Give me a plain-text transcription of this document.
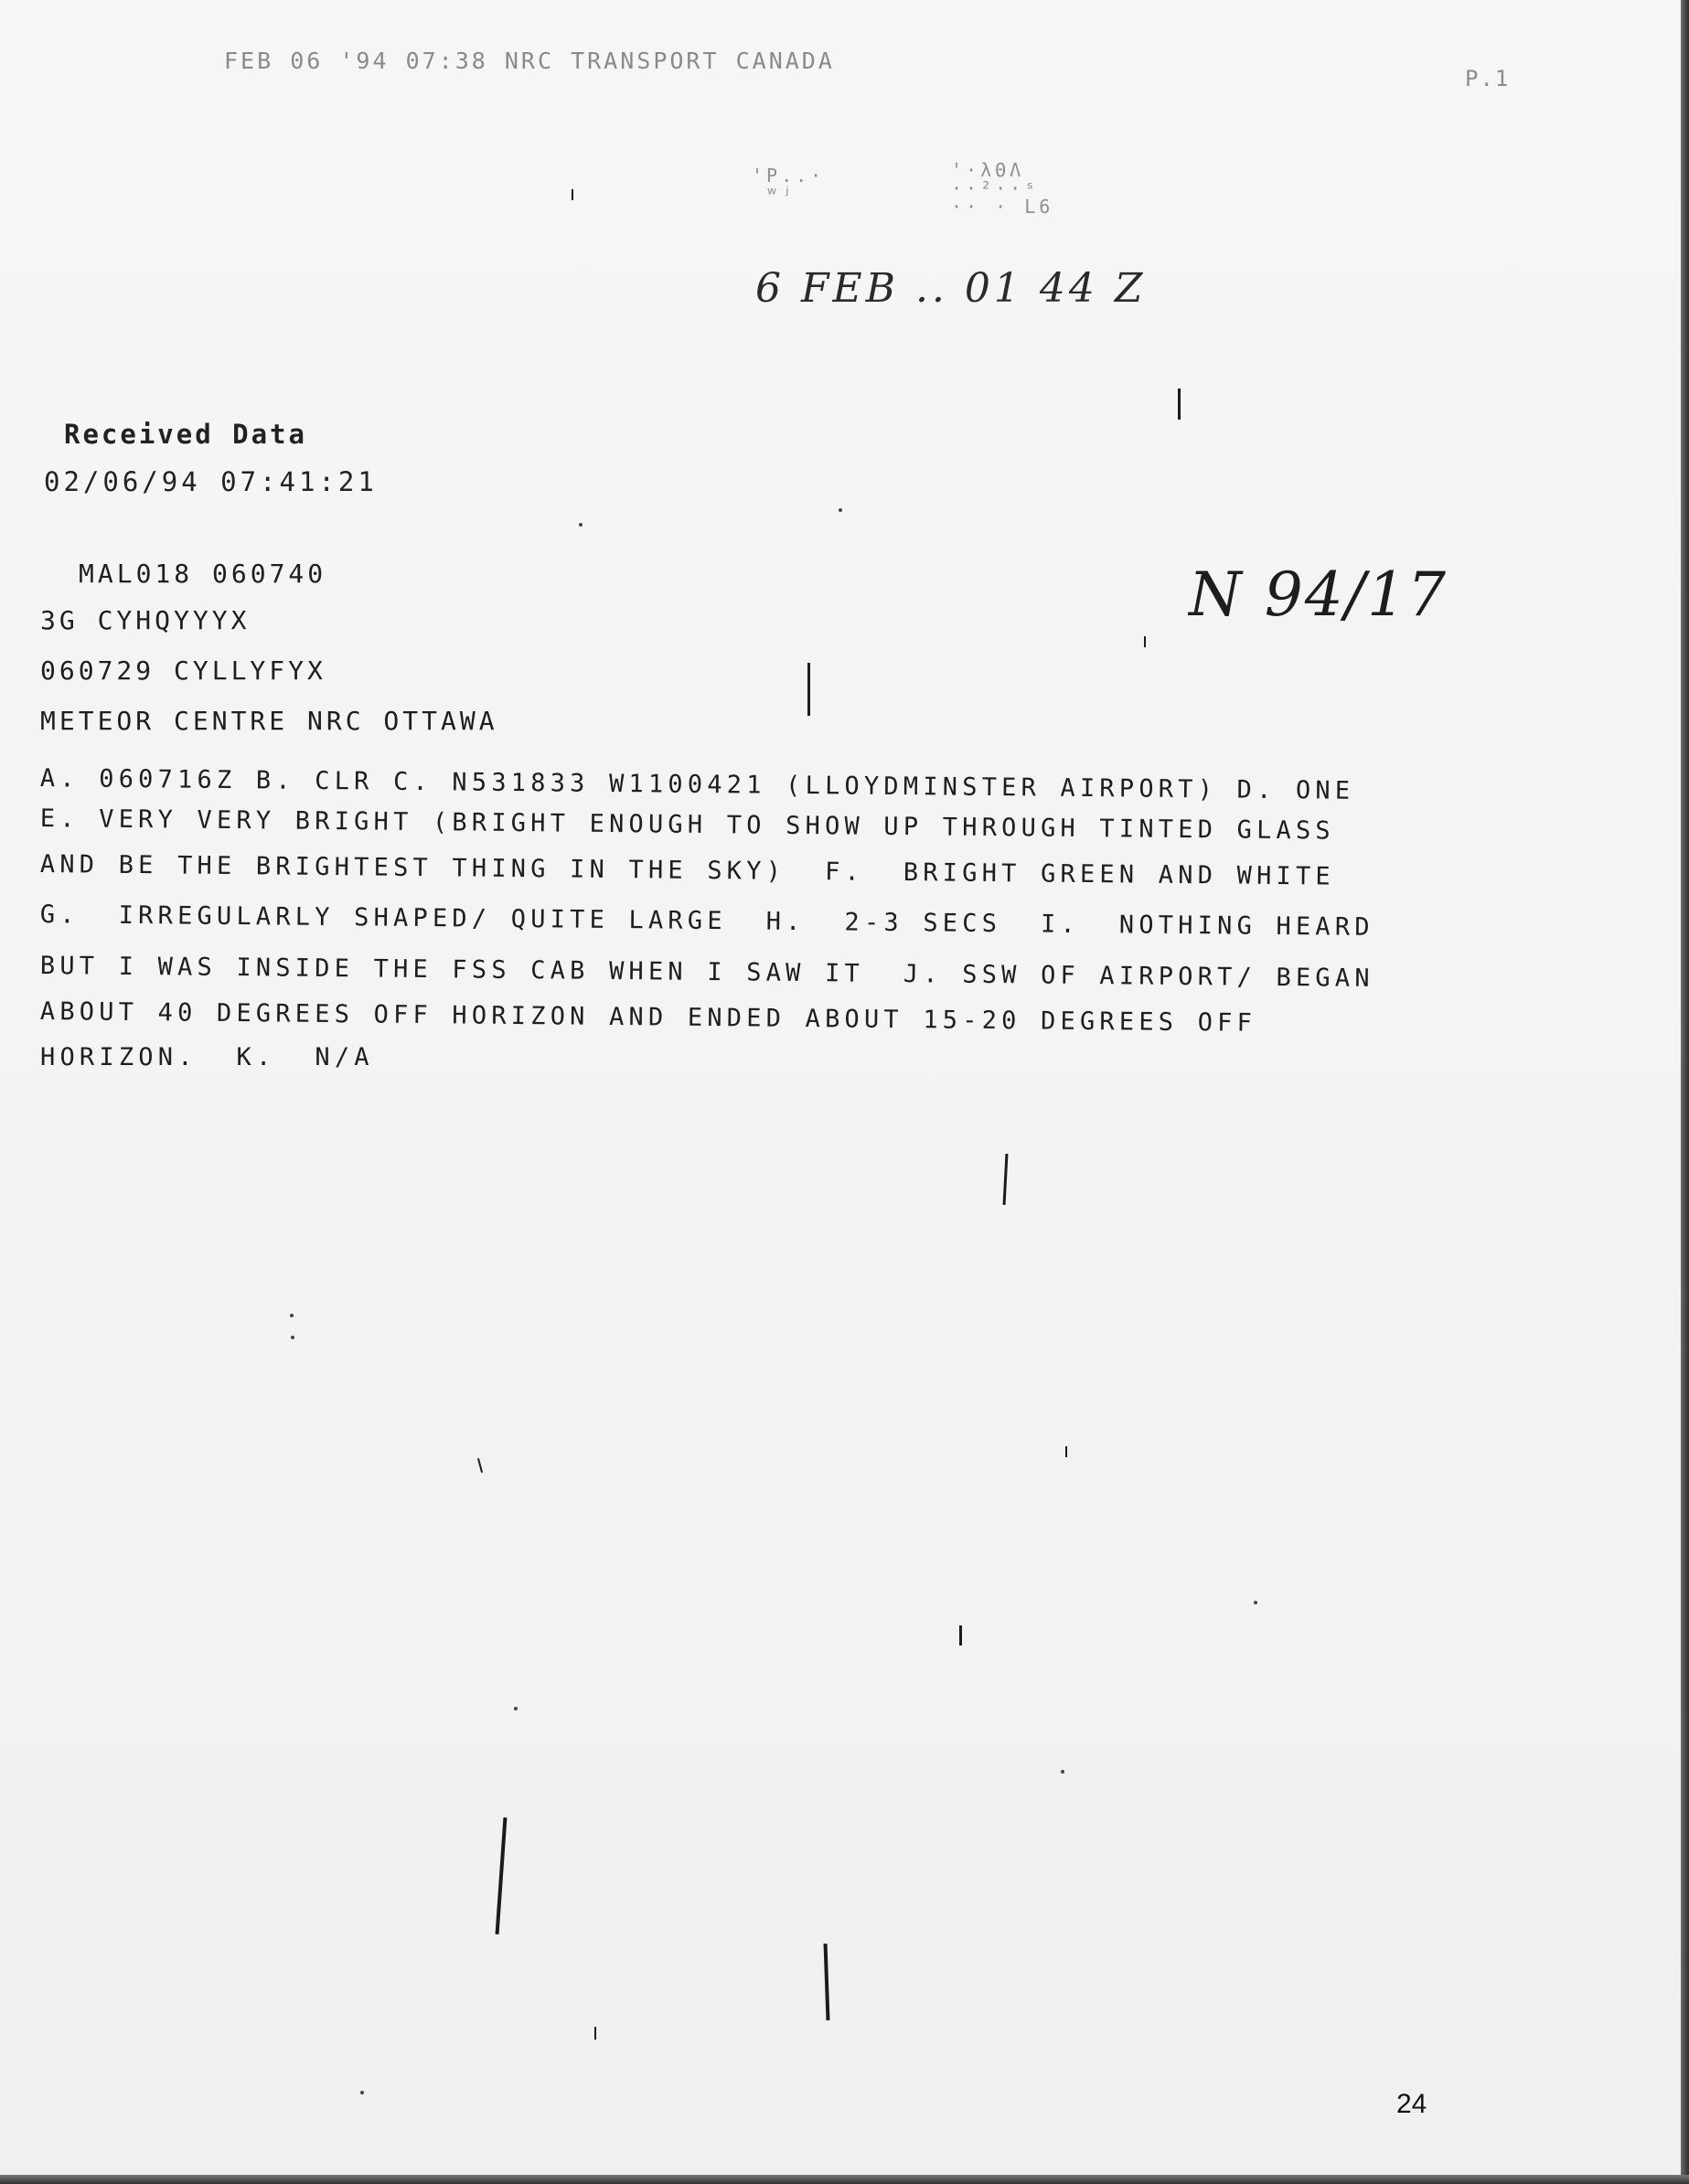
FEB 06 '94 07:38 NRC TRANSPORT CANADA
P.1
'P..·
ʷʲ
'·λΘΛ
··²··ˢ
·· · L6
6 FEB .. 01 44 Z
Received Data
02/06/94 07:41:21
N 94/17
MAL018 060740
3G CYHQYYYX
060729 CYLLYFYX
METEOR CENTRE NRC OTTAWA
A. 060716Z B. CLR C. N531833 W1100421 (LLOYDMINSTER AIRPORT) D. ONE
E. VERY VERY BRIGHT (BRIGHT ENOUGH TO SHOW UP THROUGH TINTED GLASS
AND BE THE BRIGHTEST THING IN THE SKY)  F.  BRIGHT GREEN AND WHITE
G.  IRREGULARLY SHAPED/ QUITE LARGE  H.  2-3 SECS  I.  NOTHING HEARD
BUT I WAS INSIDE THE FSS CAB WHEN I SAW IT  J. SSW OF AIRPORT/ BEGAN
ABOUT 40 DEGREES OFF HORIZON AND ENDED ABOUT 15-20 DEGREES OFF
HORIZON.  K.  N/A
24
